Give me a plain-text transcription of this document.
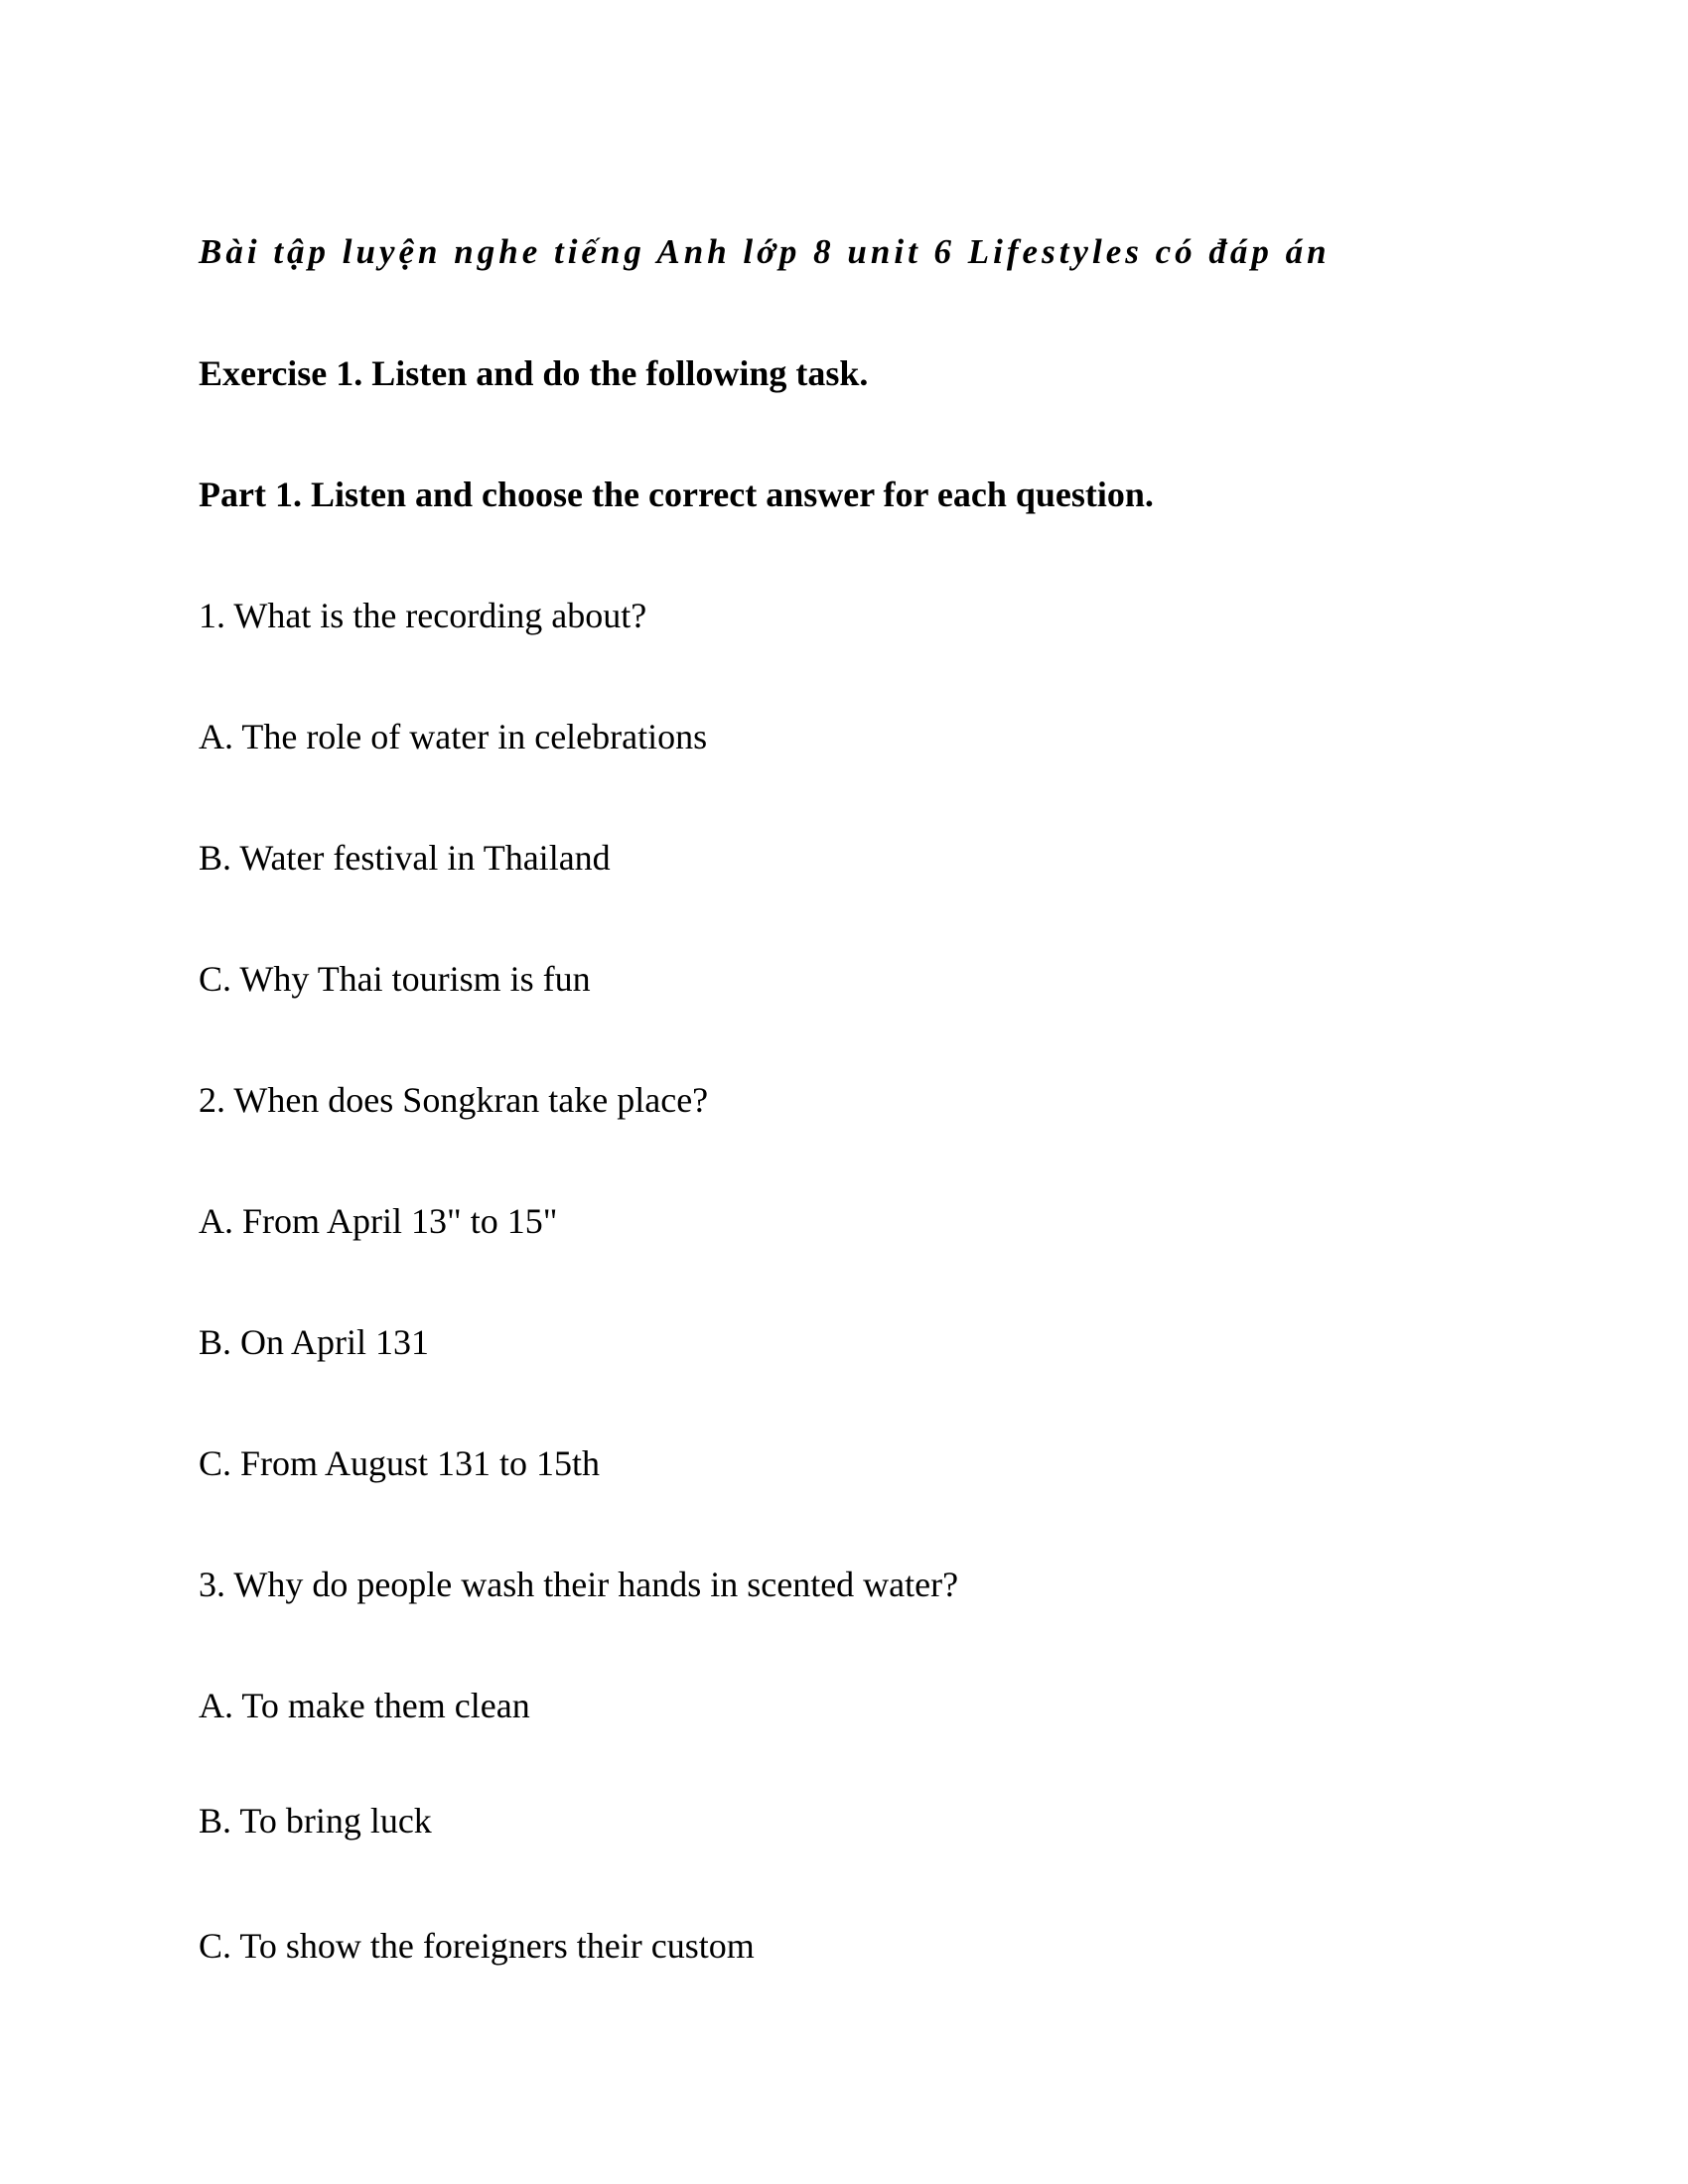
Bài tập luyện nghe tiếng Anh lớp 8 unit 6 Lifestyles có đáp án
Exercise 1. Listen and do the following task.
Part 1. Listen and choose the correct answer for each question.

1. What is the recording about?

A. The role of water in celebrations

B. Water festival in Thailand

C. Why Thai tourism is fun

2. When does Songkran take place?

A. From April 13" to 15"

B. On April 131

C. From August 131 to 15th

3. Why do people wash their hands in scented water?

A. To make them clean

B. To bring luck

C. To show the foreigners their custom
